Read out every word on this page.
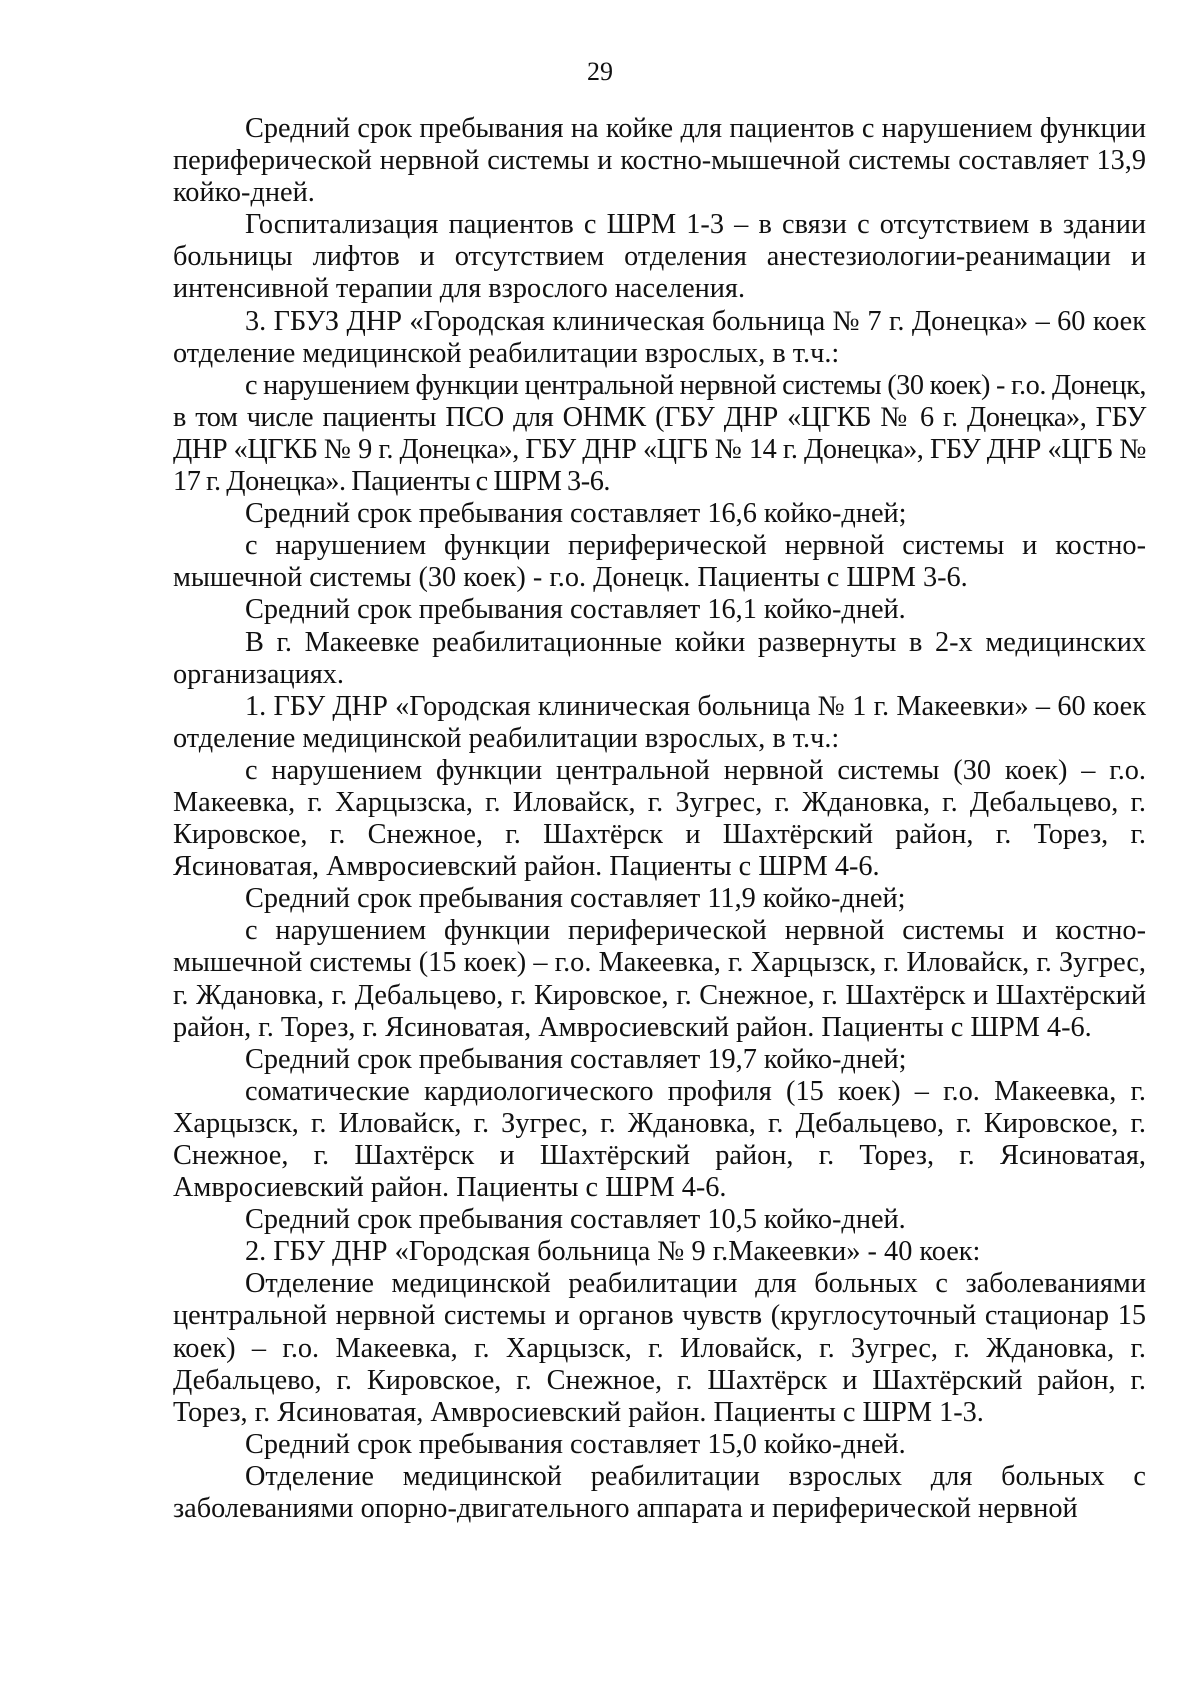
29

Средний срок пребывания на койке для пациентов с нарушением функции периферической нервной системы и костно-мышечной системы составляет 13,9 койко-дней.

Госпитализация пациентов с ШРМ 1-3 – в связи с отсутствием в здании больницы лифтов и отсутствием отделения анестезиологии-реанимации и интенсивной терапии для взрослого населения.

3. ГБУЗ ДНР «Городская клиническая больница № 7 г. Донецка» – 60 коек отделение медицинской реабилитации взрослых, в т.ч.:

с нарушением функции центральной нервной системы (30 коек) - г.о. Донецк, в том числе пациенты ПСО для ОНМК (ГБУ ДНР «ЦГКБ № 6 г. Донецка», ГБУ ДНР «ЦГКБ № 9 г. Донецка», ГБУ ДНР «ЦГБ № 14 г. Донецка», ГБУ ДНР «ЦГБ № 17 г. Донецка». Пациенты с ШРМ 3-6.

Средний срок пребывания составляет 16,6 койко-дней;

с нарушением функции периферической нервной системы и костно-мышечной системы (30 коек) - г.о. Донецк. Пациенты с ШРМ 3-6.

Средний срок пребывания составляет 16,1 койко-дней.

В г. Макеевке реабилитационные койки развернуты в 2-х медицинских организациях.

1. ГБУ ДНР «Городская клиническая больница № 1 г. Макеевки» – 60 коек отделение медицинской реабилитации взрослых, в т.ч.:

с нарушением функции центральной нервной системы (30 коек) – г.о. Макеевка, г. Харцызска, г. Иловайск, г. Зугрес, г. Ждановка, г. Дебальцево, г. Кировское, г. Снежное, г. Шахтёрск и Шахтёрский район, г. Торез, г. Ясиноватая, Амвросиевский район. Пациенты с ШРМ 4-6.

Средний срок пребывания составляет 11,9 койко-дней;

с нарушением функции периферической нервной системы и костно-мышечной системы (15 коек) – г.о. Макеевка, г. Харцызск, г. Иловайск, г. Зугрес, г. Ждановка, г. Дебальцево, г. Кировское, г. Снежное, г. Шахтёрск и Шахтёрский район, г. Торез, г. Ясиноватая, Амвросиевский район. Пациенты с ШРМ 4-6.

Средний срок пребывания составляет 19,7 койко-дней;

соматические кардиологического профиля (15 коек) – г.о. Макеевка, г. Харцызск, г. Иловайск, г. Зугрес, г. Ждановка, г. Дебальцево, г. Кировское, г. Снежное, г. Шахтёрск и Шахтёрский район, г. Торез, г. Ясиноватая, Амвросиевский район. Пациенты с ШРМ 4-6.

Средний срок пребывания составляет 10,5 койко-дней.

2. ГБУ ДНР «Городская больница № 9 г.Макеевки» - 40 коек:

Отделение медицинской реабилитации для больных с заболеваниями центральной нервной системы и органов чувств (круглосуточный стационар 15 коек) – г.о. Макеевка, г. Харцызск, г. Иловайск, г. Зугрес, г. Ждановка, г. Дебальцево, г. Кировское, г. Снежное, г. Шахтёрск и Шахтёрский район, г. Торез, г. Ясиноватая, Амвросиевский район. Пациенты с ШРМ 1-3.

Средний срок пребывания составляет 15,0 койко-дней.

Отделение медицинской реабилитации взрослых для больных с заболеваниями опорно-двигательного аппарата и периферической нервной
